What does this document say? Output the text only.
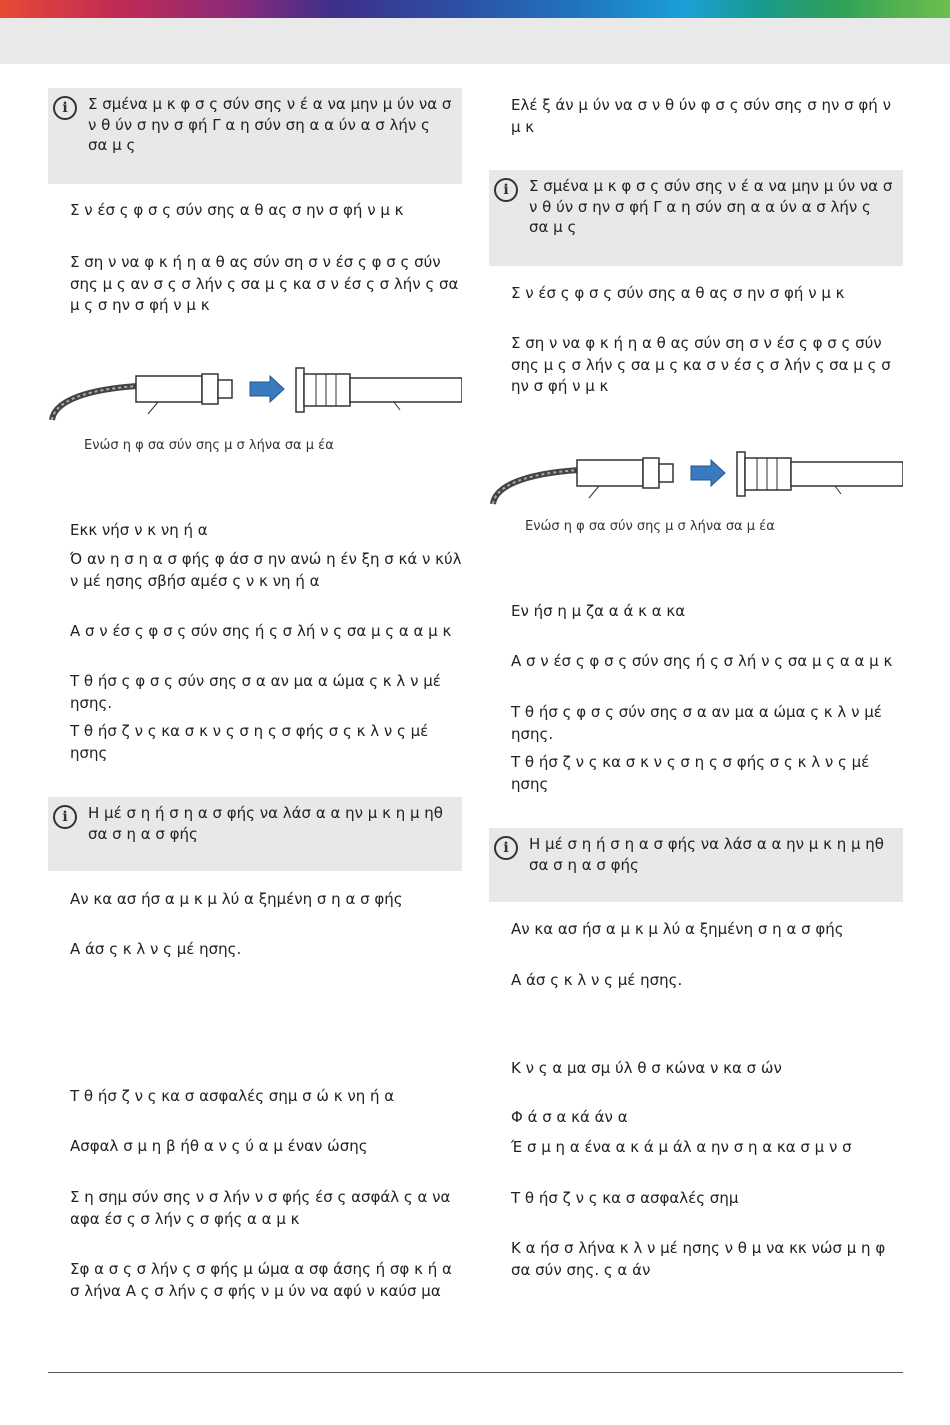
i	Σ σμένα μ κ φ σ ς σύν σης ν έ α να μην μ ύν να σ ν θ ύν σ ην σ φή Γ α η σύν ση α α ύν α σ λήν ς σα μ ς

Σ ν έσ ς φ σ ς σύν σης α θ ας σ ην σ φή ν μ κ

Σ ση ν να φ κ ή η α θ ας σύν ση σ ν έσ ς φ σ ς σύν σης μ ς αν σ ς σ λήν ς σα μ ς κα σ ν έσ ς σ λήν ς σα μ ς σ ην σ φή ν μ κ

Ενώσ η φ σα σύν σης μ σ λήνα σα μ έα

Εκκ νήσ ν κ νη ή α

Ό αν η σ η α σ φής φ άσ σ ην ανώ η έν ξη σ κά ν κύλ ν μέ ησης σβήσ αμέσ ς ν κ νη ή α

Α σ ν έσ ς φ σ ς σύν σης ή ς σ λή ν ς σα μ ς α α μ κ

Τ θ ήσ ς φ σ ς σύν σης σ α αν μα α ώμα ς κ λ ν μέ ησης.

Τ θ ήσ ζ ν ς κα σ κ ν ς σ η ς σ φής σ ς κ λ ν ς μέ ησης

i	Η μέ σ η ή σ η α σ φής να λάσ α α ην μ κ η μ ηθ σα σ η α σ φής

Αν κα ασ ήσ α μ κ μ λύ α ξημένη σ η α σ φής

Α άσ ς κ λ ν ς μέ ησης.

Τ θ ήσ ζ ν ς κα σ ασφαλές σημ σ ώ κ νη ή α

Ασφαλ σ μ η β ήθ α ν ς ύ α μ έναν ώσης

Σ η σημ σύν σης ν σ λήν ν σ φής έσ ς ασφάλ ς α να αφα έσ ς σ λήν ς σ φής α α μ κ

Σφ α σ ς σ λήν ς σ φής μ ώμα α σφ άσης ή σφ κ ή α σ λήνα Α ς σ λήν ς σ φής ν μ ύν να αφύ ν καύσ μα

Ελέ ξ άν μ ύν να σ ν θ ύν φ σ ς σύν σης σ ην σ φή ν μ κ

i	Σ σμένα μ κ φ σ ς σύν σης ν έ α να μην μ ύν να σ ν θ ύν σ ην σ φή Γ α η σύν ση α α ύν α σ λήν ς σα μ ς

Σ ν έσ ς φ σ ς σύν σης α θ ας σ ην σ φή ν μ κ

Σ ση ν να φ κ ή η α θ ας σύν ση σ ν έσ ς φ σ ς σύν σης μ ς σ λήν ς σα μ ς κα σ ν έσ ς σ λήν ς σα μ ς σ ην σ φή ν μ κ

Ενώσ η φ σα σύν σης μ σ λήνα σα μ έα

Εν ήσ η μ ζα α ά κ α κα

Α σ ν έσ ς φ σ ς σύν σης ή ς σ λή ν ς σα μ ς α α μ κ

Τ θ ήσ ς φ σ ς σύν σης σ α αν μα α ώμα ς κ λ ν μέ ησης.

Τ θ ήσ ζ ν ς κα σ κ ν ς σ η ς σ φής σ ς κ λ ν ς μέ ησης

i	Η μέ σ η ή σ η α σ φής να λάσ α α ην μ κ η μ ηθ σα σ η α σ φής

Αν κα ασ ήσ α μ κ μ λύ α ξημένη σ η α σ φής

Α άσ ς κ λ ν ς μέ ησης.

Κ ν ς α μα σμ ύλ θ σ κώνα ν κα σ ών

Φ ά σ α κά άν α

Έ σ μ η α ένα α κ ά μ άλ α ην σ η α κα σ μ ν σ

Τ θ ήσ ζ ν ς κα σ ασφαλές σημ

Κ α ήσ σ λήνα κ λ ν μέ ησης ν θ μ να κκ νώσ μ η φ σα σύν σης. ς α άν
